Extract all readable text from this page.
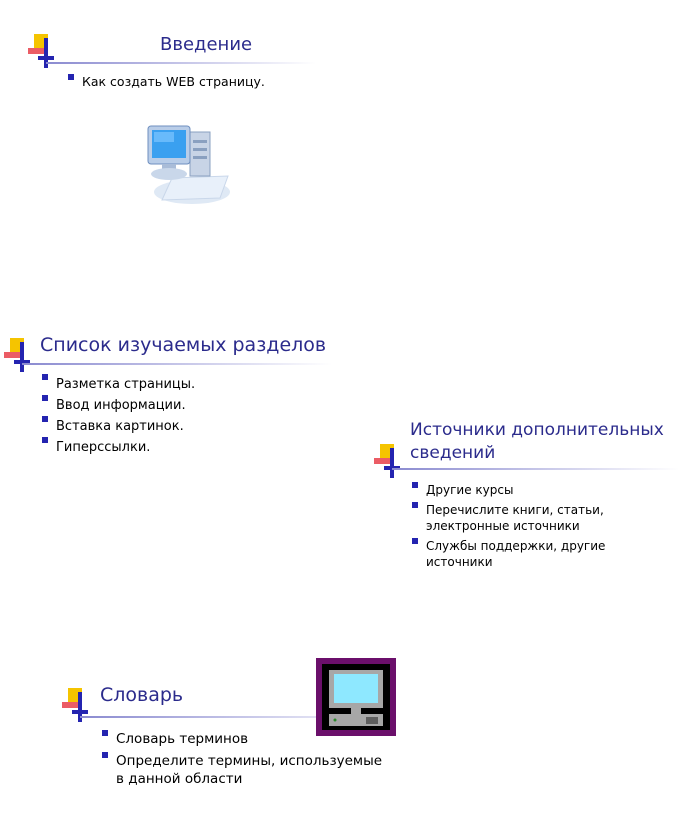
Введение
Как создать WEB страницу.
Список изучаемых разделов
Разметка страницы.
Ввод информации.
Вставка картинок.
Гиперссылки.
Источники дополнительных
сведений
Другие курсы
Перечислите книги, статьи,
электронные источники
Службы поддержки, другие
источники
Словарь
Словарь терминов
Определите термины, используемые
в данной области
